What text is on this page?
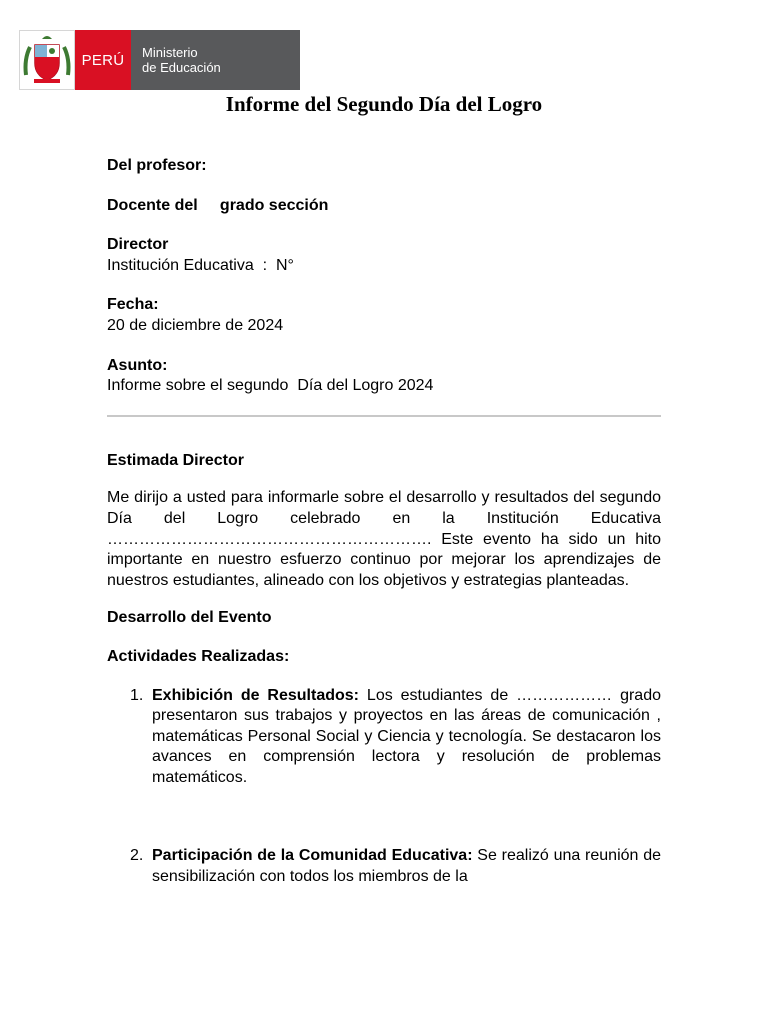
PERÚ	Ministerio
de Educación
Informe del Segundo Día del Logro

Del profesor:

Docente del     grado sección

Director

Institución Educativa  :  N°

Fecha:

20 de diciembre de 2024

Asunto:

Informe sobre el segundo  Día del Logro 2024

Estimada Director

Me dirijo a usted para informarle sobre el desarrollo y resultados del segundo Día del Logro celebrado en la Institución Educativa ……………………………………………………. Este evento ha sido un hito importante en nuestro esfuerzo continuo por mejorar los aprendizajes de nuestros estudiantes, alineado con los objetivos y estrategias planteadas.

Desarrollo del Evento

Actividades Realizadas:

1. Exhibición de Resultados: Los estudiantes de ……………… grado presentaron sus trabajos y proyectos en las áreas de comunicación , matemáticas Personal Social y Ciencia y tecnología. Se destacaron los avances en comprensión lectora y resolución de problemas matemáticos.
2. Participación de la Comunidad Educativa: Se realizó una reunión de sensibilización con todos los miembros de la
